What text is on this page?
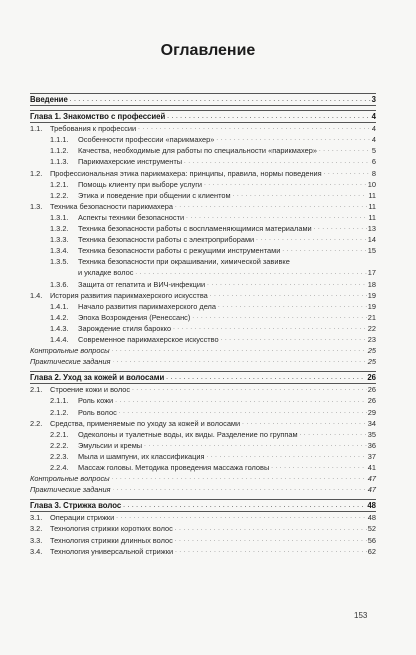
Оглавление
Введение . . .	3
Глава 1. Знакомство с профессией . . .	4
1.1.	Требования к профессии . . .	4
1.1.1.	Особенности профессии «парикмахер» . . .	4
1.1.2.	Качества, необходимые для работы по специальности «парикмахер» . . .	5
1.1.3.	Парикмахерские инструменты . . .	6
1.2.	Профессиональная этика парикмахера: принципы, правила, нормы поведения . . .	8
1.2.1.	Помощь клиенту при выборе услуги . . .	10
1.2.2.	Этика и поведение при общении с клиентом . . .	11
1.3.	Техника безопасности парикмахера . . .	11
1.3.1.	Аспекты техники безопасности . . .	11
1.3.2.	Техника безопасности работы с воспламеняющимися материалами . . .	13
1.3.3.	Техника безопасности работы с электроприборами . . .	14
1.3.4.	Техника безопасности работы с режущими инструментами . . .	15
1.3.5.	Техника безопасности при окрашивании, химической завивке
и укладке волос . . .	17
1.3.6.	Защита от гепатита и ВИЧ-инфекции . . .	18
1.4.	История развития парикмахерского искусства . . .	19
1.4.1.	Начало развития парикмахерского дела . . .	19
1.4.2.	Эпоха Возрождения (Ренессанс) . . .	21
1.4.3.	Зарождение стиля барокко . . .	22
1.4.4.	Современное парикмахерское искусство . . .	23
Контрольные вопросы . . .	25
Практические задания . . .	25
Глава 2. Уход за кожей и волосами . . .	26
2.1.	Строение кожи и волос . . .	26
2.1.1.	Роль кожи . . .	26
2.1.2.	Роль волос . . .	29
2.2.	Средства, применяемые по уходу за кожей и волосами . . .	34
2.2.1.	Одеколоны и туалетные воды, их виды. Разделение по группам . . .	35
2.2.2.	Эмульсии и кремы . . .	36
2.2.3.	Мыла и шампуни, их классификация . . .	37
2.2.4.	Массаж головы. Методика проведения массажа головы . . .	41
Контрольные вопросы . . .	47
Практические задания . . .	47
Глава 3. Стрижка волос . . .	48
3.1.	Операции стрижки . . .	48
3.2.	Технология стрижки коротких волос . . .	52
3.3.	Технология стрижки длинных волос . . .	56
3.4.	Технология универсальной стрижки . . .	62
153
